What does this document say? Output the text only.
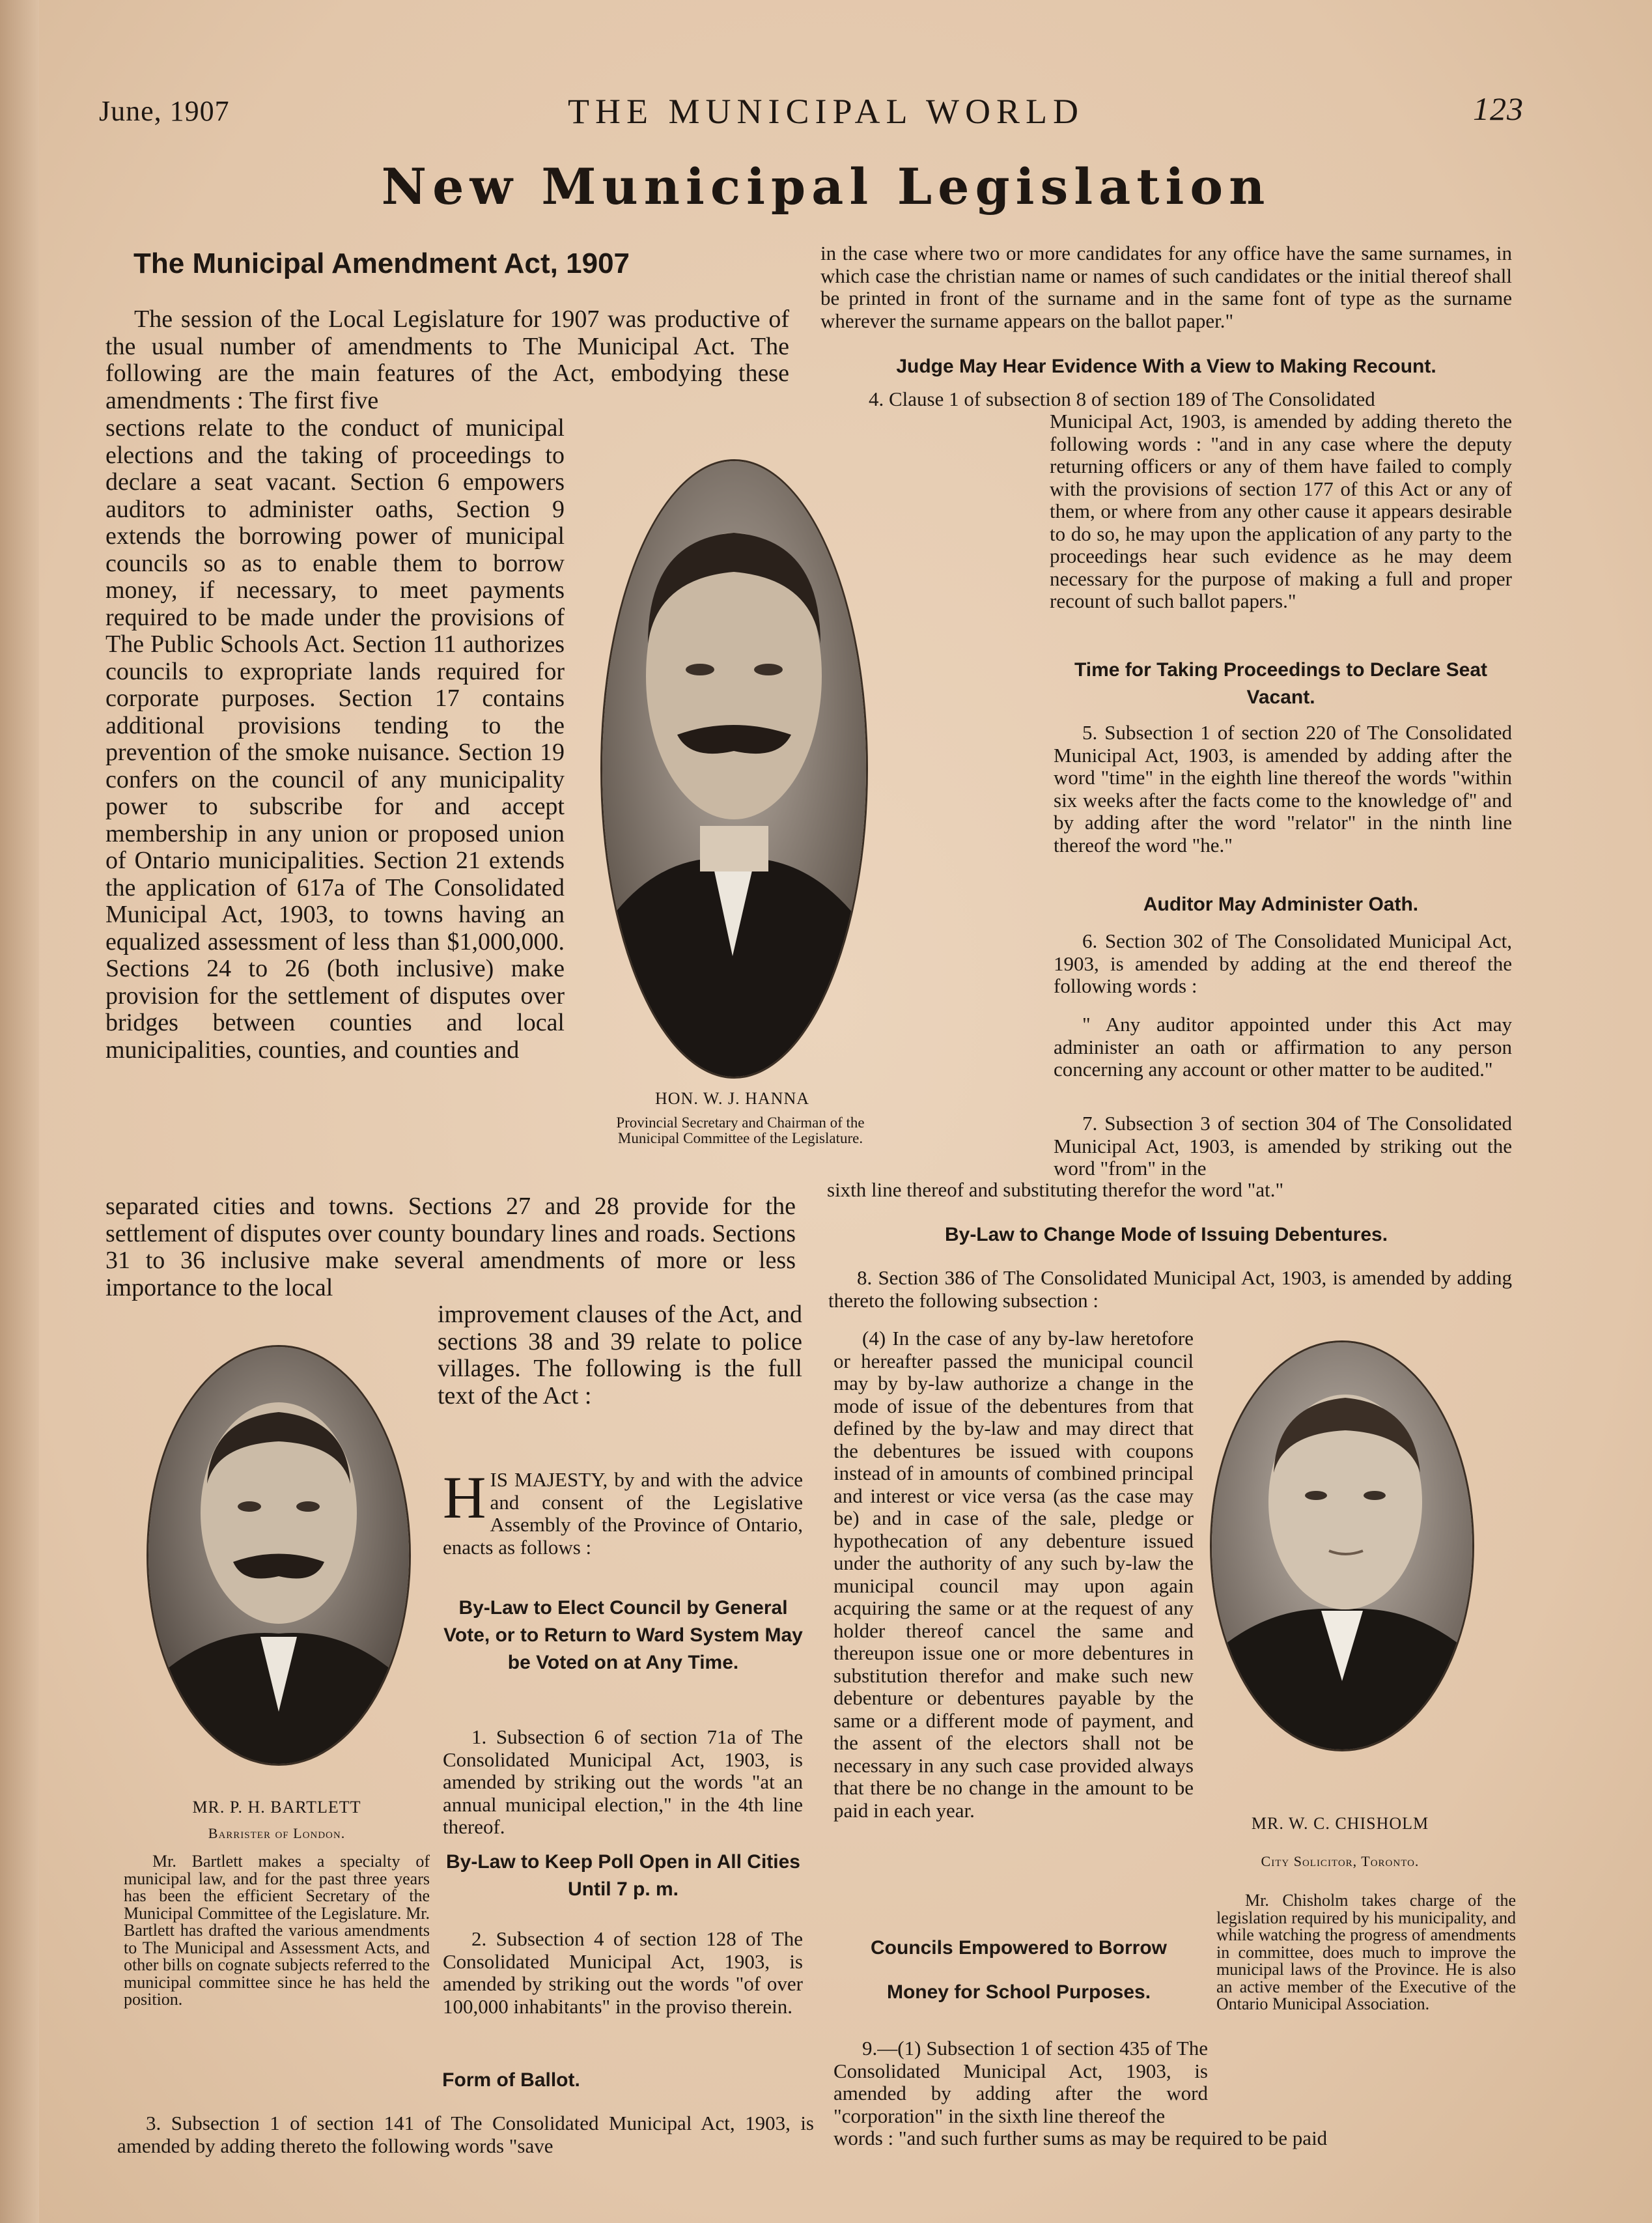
June, 1907	THE MUNICIPAL WORLD	123
New Municipal Legislation
The Municipal Amendment Act, 1907

The session of the Local Legislature for 1907 was productive of the usual number of amendments to The Municipal Act. The following are the main features of the Act, embodying these amendments : The first five

sections relate to the conduct of municipal elections and the taking of proceedings to declare a seat vacant. Section 6 empowers auditors to administer oaths, Section 9 extends the borrowing power of municipal councils so as to enable them to borrow money, if necessary, to meet payments required to be made under the provisions of The Public Schools Act. Section 11 authorizes councils to expropriate lands required for corporate purposes. Section 17 contains additional provisions tending to the prevention of the smoke nuisance. Section 19 confers on the council of any municipality power to subscribe for and accept membership in any union or proposed union of Ontario municipalities. Section 21 extends the application of 617a of The Consolidated Municipal Act, 1903, to towns having an equalized assessment of less than $1,000,000. Sections 24 to 26 (both inclusive) make provision for the settlement of disputes over bridges between counties and local municipalities, counties, and counties and

separated cities and towns. Sections 27 and 28 provide for the settlement of disputes over county boundary lines and roads. Sections 31 to 36 inclusive make several amendments of more or less importance to the local

improvement clauses of the Act, and sections 38 and 39 relate to police villages. The following is the full text of the Act :

HON. W. J. HANNA
Provincial Secretary and Chairman of the Municipal Committee of the Legislature.
MR. P. H. BARTLETT
Barrister of London.

Mr. Bartlett makes a specialty of municipal law, and for the past three years has been the efficient Secretary of the Municipal Committee of the Legislature. Mr. Bartlett has drafted the various amendments to The Municipal and Assessment Acts, and other bills on cognate subjects referred to the municipal committee since he has held the position.

HIS MAJESTY, by and with the advice and consent of the Legislative Assembly of the Province of Ontario, enacts as follows :

By-Law to Elect Council by General Vote, or to Return to Ward System May be Voted on at Any Time.

1. Subsection 6 of section 71a of The Consolidated Municipal Act, 1903, is amended by striking out the words "at an annual municipal election," in the 4th line thereof.

By-Law to Keep Poll Open in All Cities Until 7 p. m.

2. Subsection 4 of section 128 of The Consolidated Municipal Act, 1903, is amended by striking out the words "of over 100,000 inhabitants" in the proviso therein.

Form of Ballot.

3. Subsection 1 of section 141 of The Consolidated Municipal Act, 1903, is amended by adding thereto the following words "save

in the case where two or more candidates for any office have the same surnames, in which case the christian name or names of such candidates or the initial thereof shall be printed in front of the surname and in the same font of type as the surname wherever the surname appears on the ballot paper."

Judge May Hear Evidence With a View to Making Recount.

4. Clause 1 of subsection 8 of section 189 of The Consolidated

Municipal Act, 1903, is amended by adding thereto the following words : "and in any case where the deputy returning officers or any of them have failed to comply with the provisions of section 177 of this Act or any of them, or where from any other cause it appears desirable to do so, he may upon the application of any party to the proceedings hear such evidence as he may deem necessary for the purpose of making a full and proper recount of such ballot papers."

Time for Taking Proceedings to Declare Seat Vacant.

5. Subsection 1 of section 220 of The Consolidated Municipal Act, 1903, is amended by adding after the word "time" in the eighth line thereof the words "within six weeks after the facts come to the knowledge of" and by adding after the word "relator" in the ninth line thereof the word "he."

Auditor May Administer Oath.

6. Section 302 of The Consolidated Municipal Act, 1903, is amended by adding at the end thereof the following words :

" Any auditor appointed under this Act may administer an oath or affirmation to any person concerning any account or other matter to be audited."

7. Subsection 3 of section 304 of The Consolidated Municipal Act, 1903, is amended by striking out the word "from" in the

sixth line thereof and substituting therefor the word "at."

By-Law to Change Mode of Issuing Debentures.

8. Section 386 of The Consolidated Municipal Act, 1903, is amended by adding thereto the following subsection :

(4) In the case of any by-law heretofore or hereafter passed the municipal council may by by-law authorize a change in the mode of issue of the debentures from that defined by the by-law and may direct that the debentures be issued with coupons instead of in amounts of combined principal and interest or vice versa (as the case may be) and in case of the sale, pledge or hypothecation of any debenture issued under the authority of any such by-law the municipal council may upon again acquiring the same or at the request of any holder thereof cancel the same and thereupon issue one or more debentures in substitution therefor and make such new debenture or debentures payable by the same or a different mode of payment, and the assent of the electors shall not be necessary in any such case provided always that there be no change in the amount to be paid in each year.

Councils Empowered to Borrow

Money for School Purposes.

9.—(1) Subsection 1 of section 435 of The Consolidated Municipal Act, 1903, is amended by adding after the word "corporation" in the sixth line thereof the

words : "and such further sums as may be required to be paid

MR. W. C. CHISHOLM
City Solicitor, Toronto.

Mr. Chisholm takes charge of the legislation required by his municipality, and while watching the progress of amendments in committee, does much to improve the municipal laws of the Province. He is also an active member of the Executive of the Ontario Municipal Association.
